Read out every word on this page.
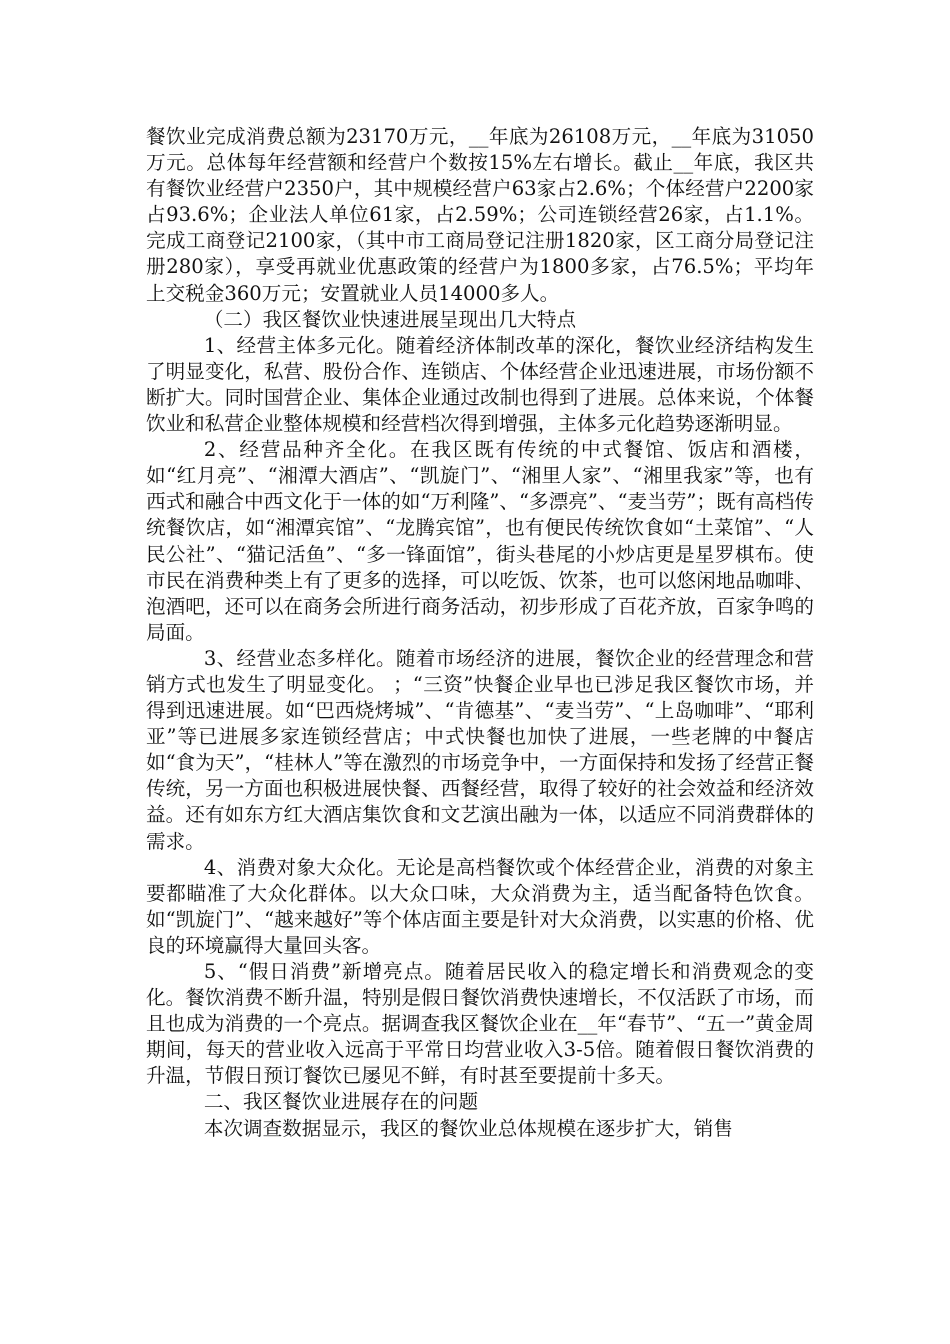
餐饮业完成消费总额为23170万元，__年底为26108万元，__年底为31050万元。总体每年经营额和经营户个数按15%左右增长。截止__年底，我区共有餐饮业经营户2350户，其中规模经营户63家占2.6%；个体经营户2200家占93.6%；企业法人单位61家，占2.59%；公司连锁经营26家，占1.1%。完成工商登记2100家，（其中市工商局登记注册1820家，区工商分局登记注册280家），享受再就业优惠政策的经营户为1800多家，占76.5%；平均年上交税金360万元；安置就业人员14000多人。

（二）我区餐饮业快速进展呈现出几大特点

1、经营主体多元化。随着经济体制改革的深化，餐饮业经济结构发生了明显变化，私营、股份合作、连锁店、个体经营企业迅速进展，市场份额不断扩大。同时国营企业、集体企业通过改制也得到了进展。总体来说，个体餐饮业和私营企业整体规模和经营档次得到增强，主体多元化趋势逐渐明显。

2、经营品种齐全化。在我区既有传统的中式餐馆、饭店和酒楼，如“红月亮”、“湘潭大酒店”、“凯旋门”、“湘里人家”、“湘里我家”等，也有西式和融合中西文化于一体的如“万利隆”、“多漂亮”、“麦当劳”；既有高档传统餐饮店，如“湘潭宾馆”、“龙腾宾馆”，也有便民传统饮食如“土菜馆”、“人民公社”、“猫记活鱼”、“多一锋面馆”，街头巷尾的小炒店更是星罗棋布。使市民在消费种类上有了更多的选择，可以吃饭、饮茶，也可以悠闲地品咖啡、泡酒吧，还可以在商务会所进行商务活动，初步形成了百花齐放，百家争鸣的局面。

3、经营业态多样化。随着市场经济的进展，餐饮企业的经营理念和营销方式也发生了明显变化。 ；“三资”快餐企业早也已涉足我区餐饮市场，并得到迅速进展。如“巴西烧烤城”、“肯德基”、“麦当劳”、“上岛咖啡”、“耶利亚”等已进展多家连锁经营店；中式快餐也加快了进展，一些老牌的中餐店如“食为天”，“桂林人”等在激烈的市场竞争中，一方面保持和发扬了经营正餐传统，另一方面也积极进展快餐、西餐经营，取得了较好的社会效益和经济效益。还有如东方红大酒店集饮食和文艺演出融为一体，以适应不同消费群体的需求。

4、消费对象大众化。无论是高档餐饮或个体经营企业，消费的对象主要都瞄准了大众化群体。以大众口味，大众消费为主，适当配备特色饮食。如“凯旋门”、“越来越好”等个体店面主要是针对大众消费，以实惠的价格、优良的环境赢得大量回头客。

5、“假日消费”新增亮点。随着居民收入的稳定增长和消费观念的变化。餐饮消费不断升温，特别是假日餐饮消费快速增长，不仅活跃了市场，而且也成为消费的一个亮点。据调查我区餐饮企业在__年“春节”、“五一”黄金周期间，每天的营业收入远高于平常日均营业收入3-5倍。随着假日餐饮消费的升温，节假日预订餐饮已屡见不鲜，有时甚至要提前十多天。

二、我区餐饮业进展存在的问题

本次调查数据显示，我区的餐饮业总体规模在逐步扩大，销售
